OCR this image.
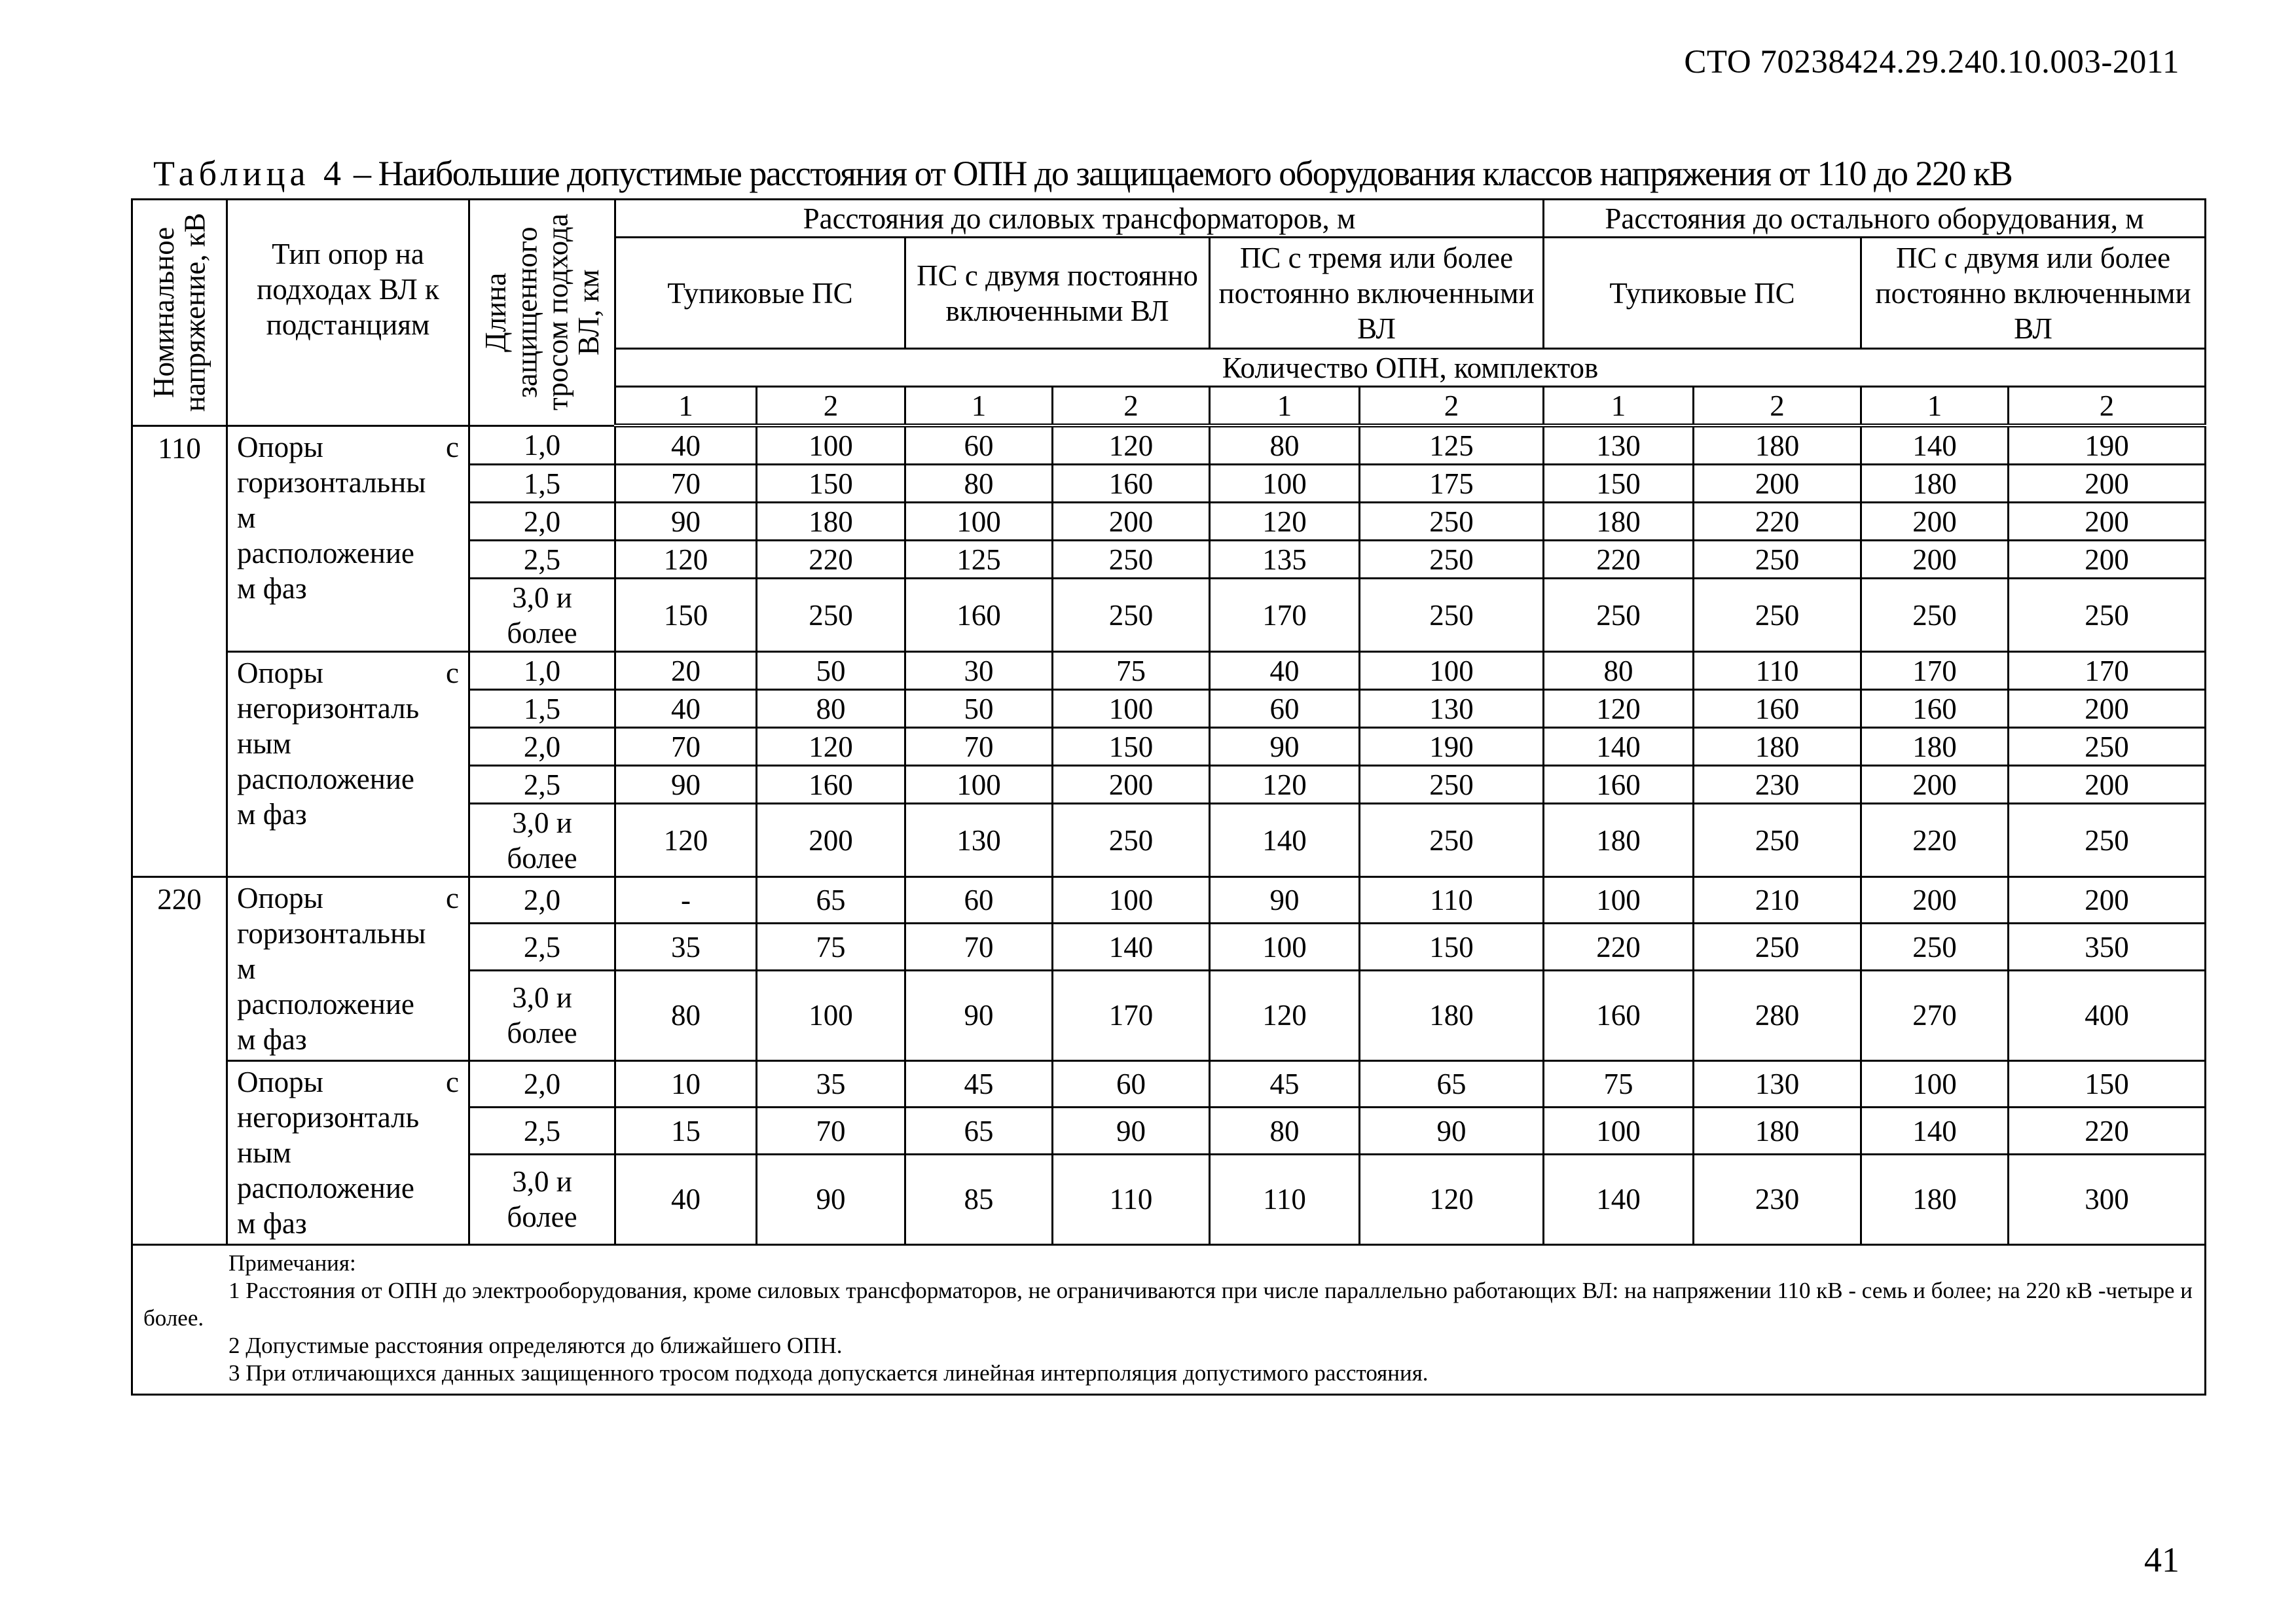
СТО 70238424.29.240.10.003-2011
Таблица 4 – Наибольшие допустимые расстояния от ОПН до защищаемого оборудования классов напряжения от 110 до 220 кВ
Номинальное напряжение, кВ	Тип опор на подходах ВЛ к подстанциям	Длина защищенного тросом подхода ВЛ, км	Расстояния до силовых трансформаторов, м						Расстояния до остального оборудования, м			
			Тупиковые ПС		ПС с двумя постоянно включенными ВЛ		ПС с тремя или более постоянно включенными ВЛ		Тупиковые ПС		ПС с двумя или более постоянно включенными ВЛ	
			Количество ОПН, комплектов									
			1	2	1	2	1	2	1	2	1	2
110	Опоры с
горизонтальны
м
расположение
м фаз	1,0	40	100	60	120	80	125	130	180	140	190
		1,5	70	150	80	160	100	175	150	200	180	200
		2,0	90	180	100	200	120	250	180	220	200	200
		2,5	120	220	125	250	135	250	220	250	200	200
		3,0 и более	150	250	160	250	170	250	250	250	250	250

	Опоры с
негоризонталь
ным
расположение
м фаз	1,0	20	50	30	75	40	100	80	110	170	170
		1,5	40	80	50	100	60	130	120	160	160	200
		2,0	70	120	70	150	90	190	140	180	180	250
		2,5	90	160	100	200	120	250	160	230	200	200
		3,0 и более	120	200	130	250	140	250	180	250	220	250
220	Опоры с
горизонтальны
м
расположение
м фаз	2,0	-	65	60	100	90	110	100	210	200	200
		2,5	35	75	70	140	100	150	220	250	250	350
		3,0 и более	80	100	90	170	120	180	160	280	270	400

	Опоры с
негоризонталь
ным
расположение
м фаз	2,0	10	35	45	60	45	65	75	130	100	150
		2,5	15	70	65	90	80	90	100	180	140	220
		3,0 и более	40	90	85	110	110	120	140	230	180	300

Примечания:
1 Расстояния от ОПН до электрооборудования, кроме силовых трансформаторов, не ограничиваются при числе параллельно работающих ВЛ: на напряжении 110 кВ - семь и более; на 220 кВ -четыре и более.
2 Допустимые расстояния определяются до ближайшего ОПН.
3 При отличающихся данных защищенного тросом подхода допускается линейная интерполяция допустимого расстояния.												
41
